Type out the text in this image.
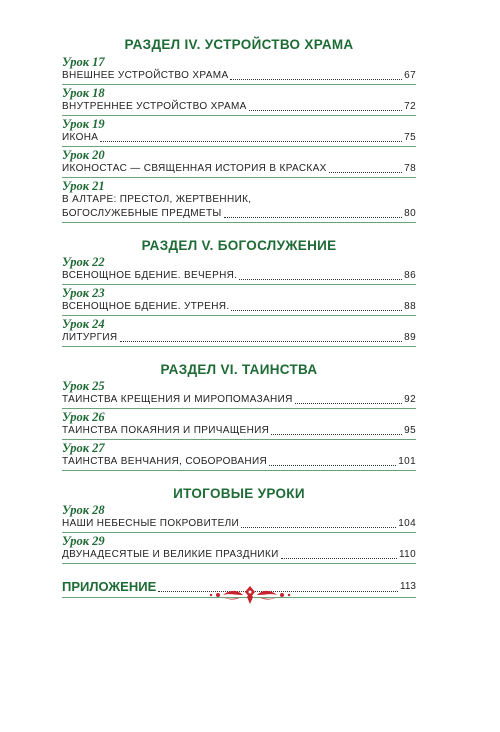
РАЗДЕЛ IV. УСТРОЙСТВО ХРАМА
Урок 17
ВНЕШНЕЕ УСТРОЙСТВО ХРАМА	67
Урок 18
ВНУТРЕННЕЕ УСТРОЙСТВО ХРАМА	72
Урок 19
ИКОНА	75
Урок 20
ИКОНОСТАС — СВЯЩЕННАЯ ИСТОРИЯ В КРАСКАХ	78
Урок 21
В АЛТАРЕ: ПРЕСТОЛ, ЖЕРТВЕННИК,
БОГОСЛУЖЕБНЫЕ ПРЕДМЕТЫ	80
РАЗДЕЛ V. БОГОСЛУЖЕНИЕ
Урок 22
ВСЕНОЩНОЕ БДЕНИЕ. ВЕЧЕРНЯ.	86
Урок 23
ВСЕНОЩНОЕ БДЕНИЕ. УТРЕНЯ.	88
Урок 24
ЛИТУРГИЯ	89
РАЗДЕЛ VI. ТАИНСТВА
Урок 25
ТАИНСТВА КРЕЩЕНИЯ И МИРОПОМАЗАНИЯ	92
Урок 26
ТАИНСТВА ПОКАЯНИЯ И ПРИЧАЩЕНИЯ	95
Урок 27
ТАИНСТВА ВЕНЧАНИЯ, СОБОРОВАНИЯ	101
ИТОГОВЫЕ УРОКИ
Урок 28
НАШИ НЕБЕСНЫЕ ПОКРОВИТЕЛИ	104
Урок 29
ДВУНАДЕСЯТЫЕ И ВЕЛИКИЕ ПРАЗДНИКИ	110
ПРИЛОЖЕНИЕ	113
